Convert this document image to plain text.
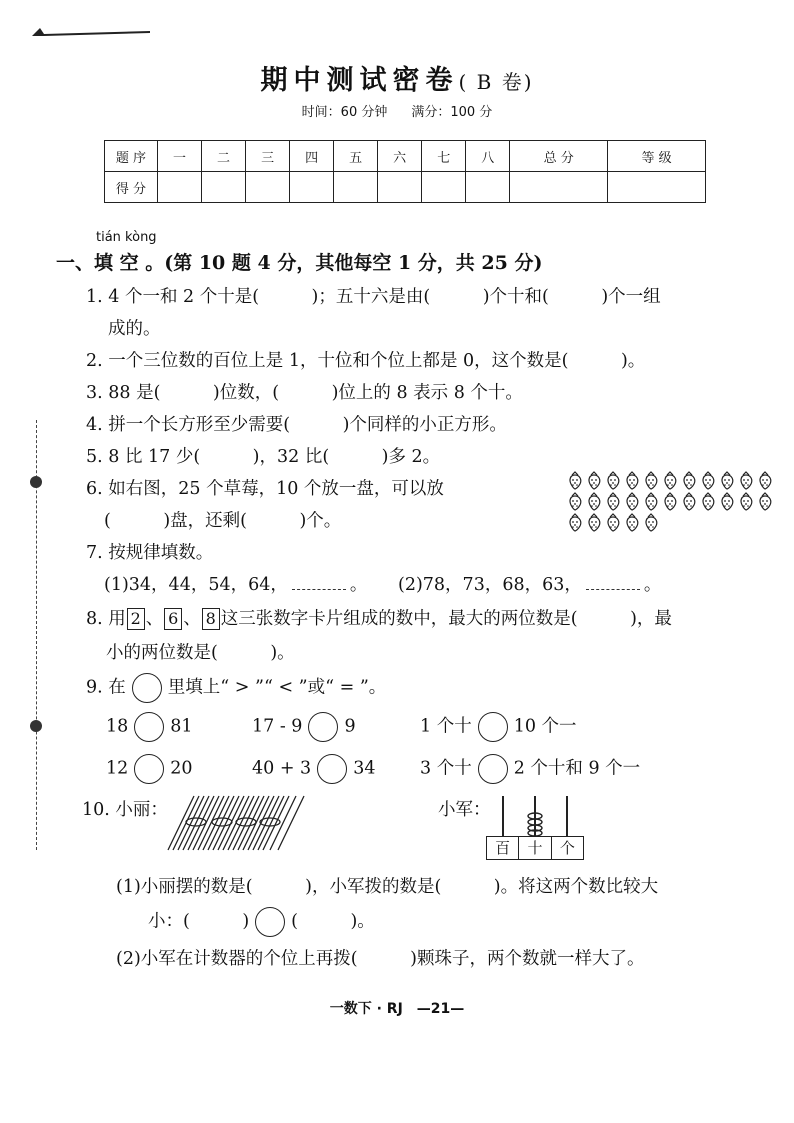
期中测试密卷( B 卷)
时间：60 分钟 满分：100 分
题 序	一	二	三	四	五	六	七	八	总 分	等 级
得 分										
tián kòng
一、填 空 。(第 10 题 4 分，其他每空 1 分，共 25 分)
1. 4 个一和 2 个十是(　　　)；五十六是由(　　　)个十和(　　　)个一组
成的。
2. 一个三位数的百位上是 1，十位和个位上都是 0，这个数是(　　　)。
3. 88 是(　　　)位数，(　　　)位上的 8 表示 8 个十。
4. 拼一个长方形至少需要(　　　)个同样的小正方形。
5. 8 比 17 少(　　　)，32 比(　　　)多 2。
6. 如右图，25 个草莓，10 个放一盘，可以放
(　　　)盘，还剩(　　　)个。
7. 按规律填数。
(1)34，44，54，64，	。 (2)78，73，68，63，	。
8. 用 2 、 6 、 8 这三张数字卡片组成的数中，最大的两位数是(　　　)，最
小的两位数是(　　　)。
9. 在 里填上“ > ”“ < ”或“ = ”。
18 81	17 - 9 9	1 个十 10 个一
12 20	40 + 3 34	3 个十 2 个十和 9 个一
10. 小丽：	小军：
百	十	个
(1)小丽摆的数是(　　　)，小军拨的数是(　　　)。将这两个数比较大
小：(　　　) (　　　)。
(2)小军在计数器的个位上再拨(　　　)颗珠子，两个数就一样大了。
一数下 · RJ　—21—
